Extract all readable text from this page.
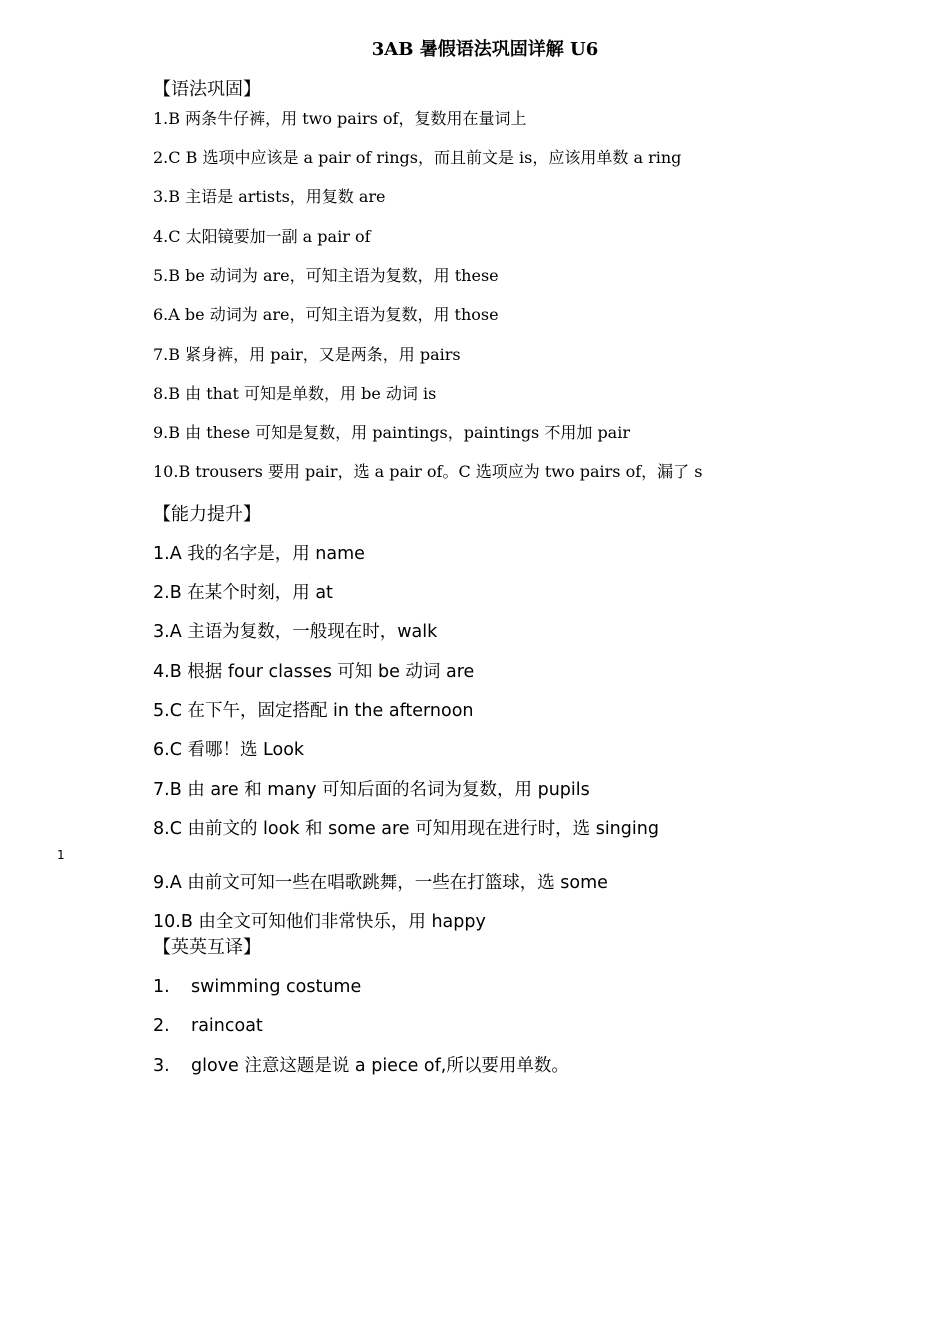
3AB 暑假语法巩固详解 U6
【语法巩固】
1.B 两条牛仔裤，用 two pairs of，复数用在量词上
2.C B 选项中应该是 a pair of rings，而且前文是 is，应该用单数 a ring
3.B 主语是 artists，用复数 are
4.C 太阳镜要加一副 a pair of
5.B be 动词为 are，可知主语为复数，用 these
6.A be 动词为 are，可知主语为复数，用 those
7.B 紧身裤，用 pair，又是两条，用 pairs
8.B 由 that 可知是单数，用 be 动词 is
9.B 由 these 可知是复数，用 paintings，paintings 不用加 pair
10.B trousers 要用 pair，选 a pair of。C 选项应为 two pairs of，漏了 s
【能力提升】
1.A 我的名字是，用 name
2.B 在某个时刻，用 at
3.A 主语为复数，一般现在时，walk
4.B 根据 four classes 可知 be 动词 are
5.C 在下午，固定搭配 in the afternoon
6.C 看哪！选 Look
7.B 由 are 和 many 可知后面的名词为复数，用 pupils
8.C 由前文的 look 和 some are 可知用现在进行时，选 singing
1
9.A 由前文可知一些在唱歌跳舞，一些在打篮球，选 some
10.B 由全文可知他们非常快乐，用 happy
【英英互译】
1. swimming costume
2. raincoat
3. glove 注意这题是说 a piece of,所以要用单数。
